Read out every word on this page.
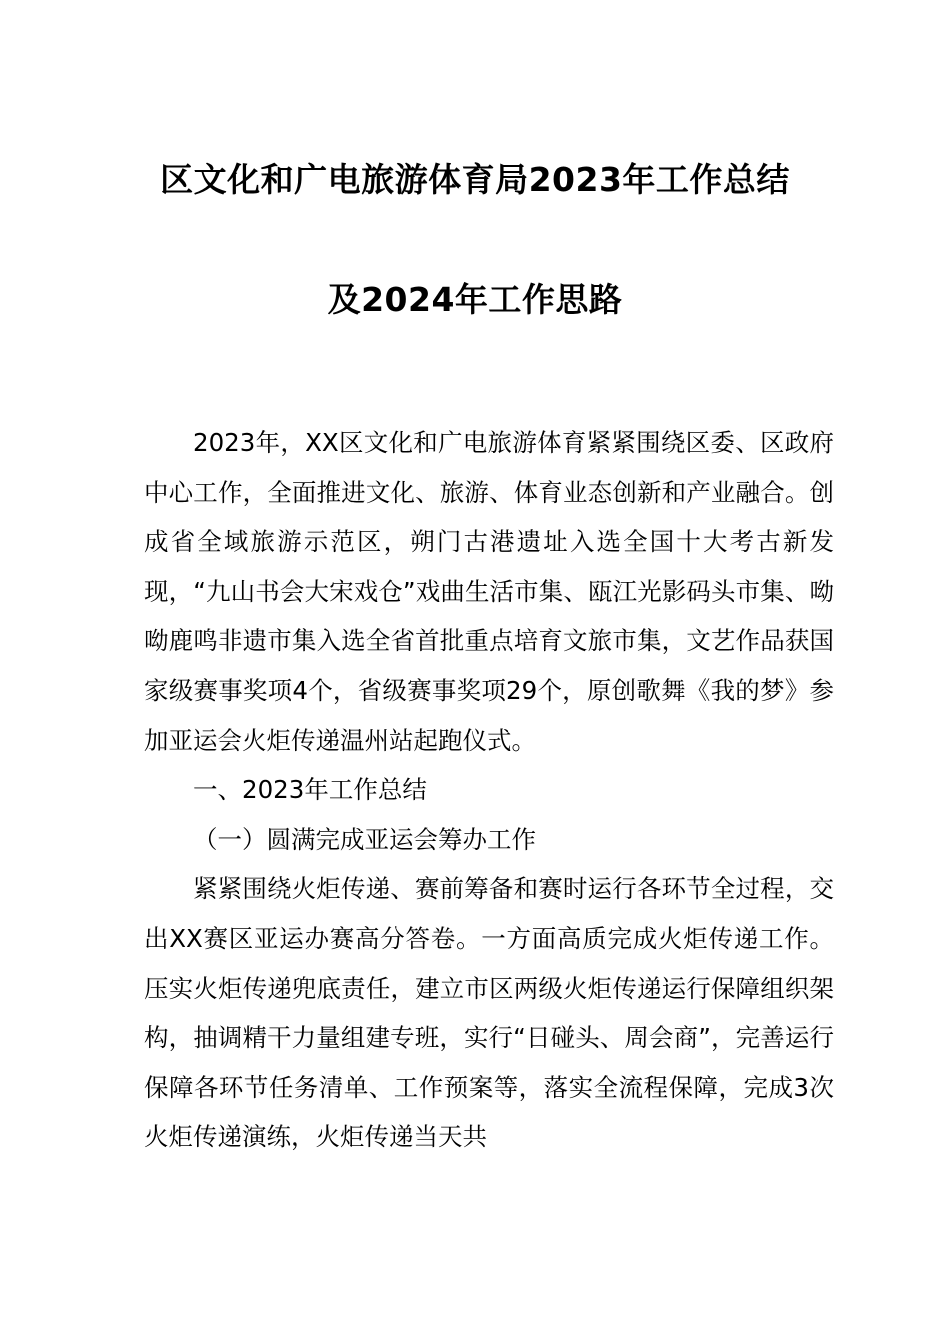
区文化和广电旅游体育局2023年工作总结
及2024年工作思路

2023年，XX区文化和广电旅游体育紧紧围绕区委、区政府中心工作，全面推进文化、旅游、体育业态创新和产业融合。创成省全域旅游示范区，朔门古港遗址入选全国十大考古新发现，“九山书会大宋戏仓”戏曲生活市集、瓯江光影码头市集、呦呦鹿鸣非遗市集入选全省首批重点培育文旅市集，文艺作品获国家级赛事奖项4个，省级赛事奖项29个，原创歌舞《我的梦》参加亚运会火炬传递温州站起跑仪式。

一、2023年工作总结

（一）圆满完成亚运会筹办工作

紧紧围绕火炬传递、赛前筹备和赛时运行各环节全过程，交出XX赛区亚运办赛高分答卷。一方面高质完成火炬传递工作。压实火炬传递兜底责任，建立市区两级火炬传递运行保障组织架构，抽调精干力量组建专班，实行“日碰头、周会商”，完善运行保障各环节任务清单、工作预案等，落实全流程保障，完成3次火炬传递演练，火炬传递当天共
